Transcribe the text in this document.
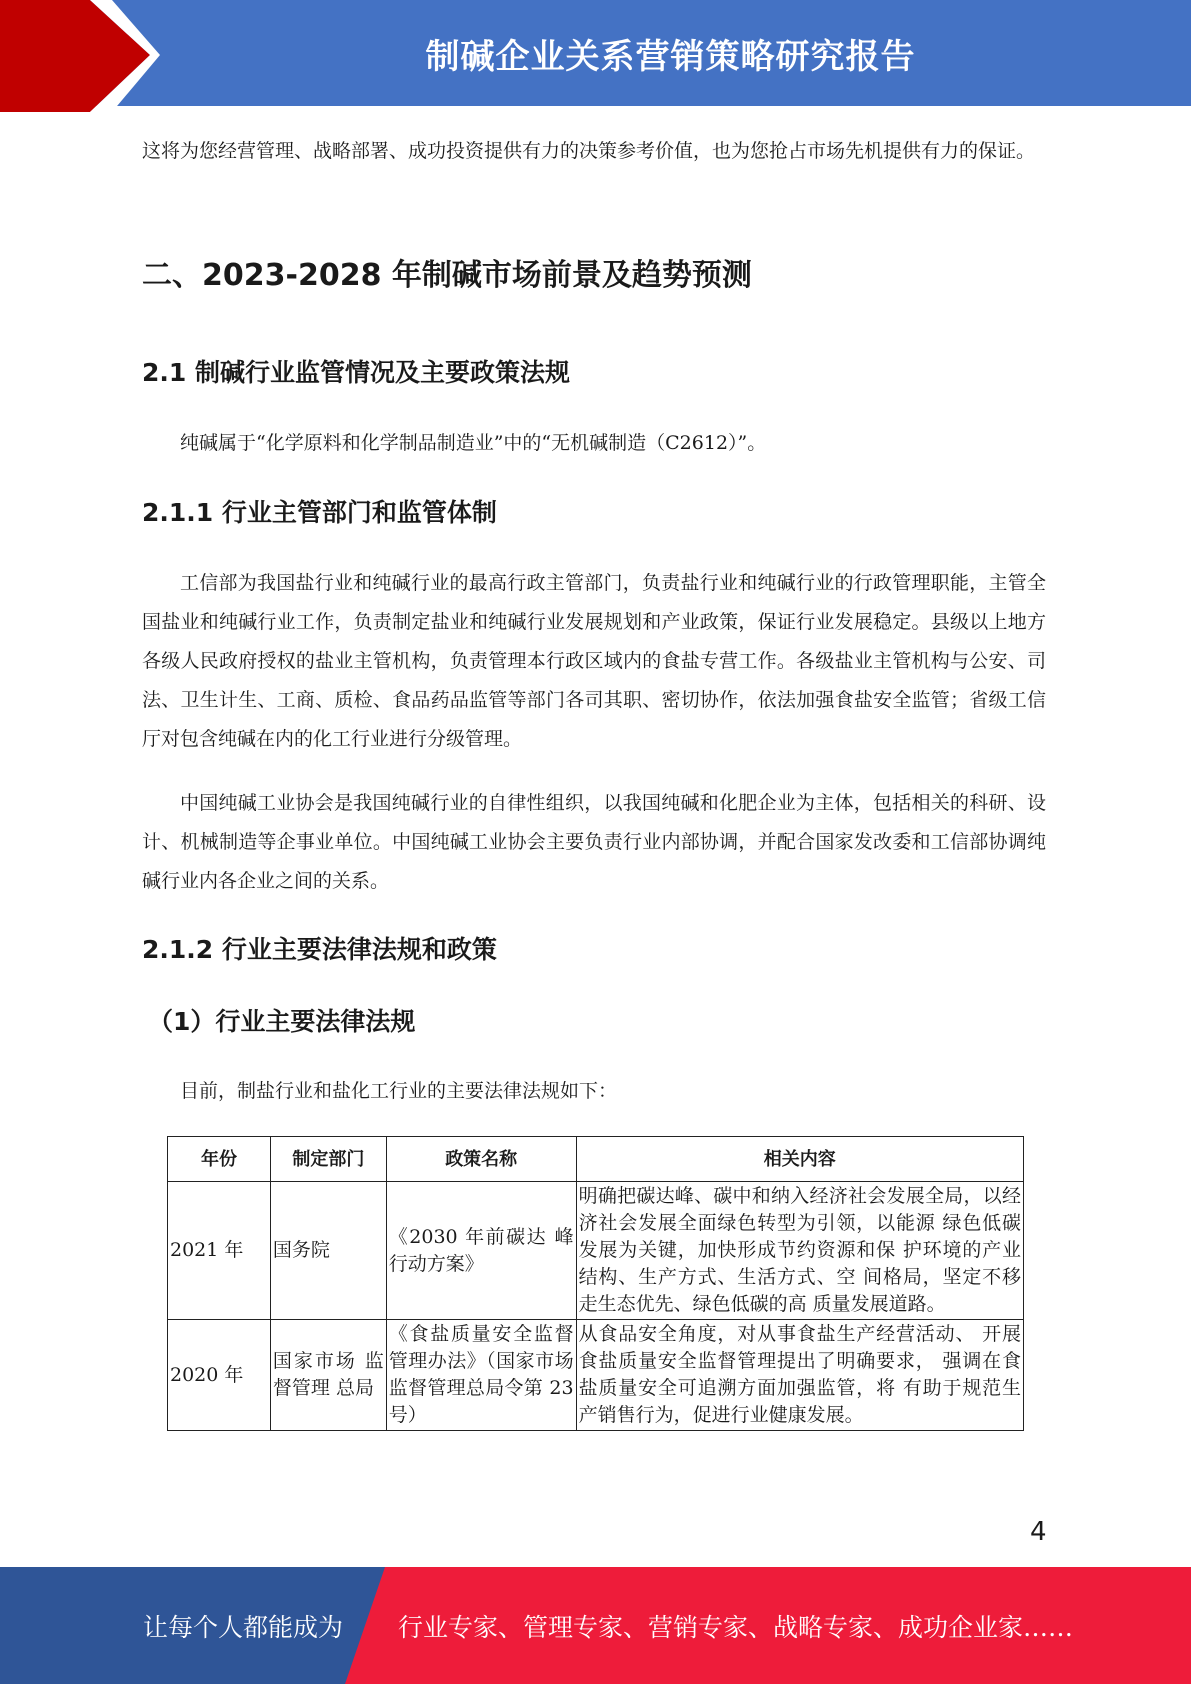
制碱企业关系营销策略研究报告

这将为您经营管理、战略部署、成功投资提供有力的决策参考价值，也为您抢占市场先机提供有力的保证。

二、2023-2028 年制碱市场前景及趋势预测
2.1 制碱行业监管情况及主要政策法规

纯碱属于“化学原料和化学制品制造业”中的“无机碱制造（C2612）”。

2.1.1 行业主管部门和监管体制

工信部为我国盐行业和纯碱行业的最高行政主管部门，负责盐行业和纯碱行业的行政管理职能，主管全国盐业和纯碱行业工作，负责制定盐业和纯碱行业发展规划和产业政策，保证行业发展稳定。县级以上地方各级人民政府授权的盐业主管机构，负责管理本行政区域内的食盐专营工作。各级盐业主管机构与公安、司法、卫生计生、工商、质检、食品药品监管等部门各司其职、密切协作，依法加强食盐安全监管；省级工信厅对包含纯碱在内的化工行业进行分级管理。

中国纯碱工业协会是我国纯碱行业的自律性组织，以我国纯碱和化肥企业为主体，包括相关的科研、设计、机械制造等企事业单位。中国纯碱工业协会主要负责行业内部协调，并配合国家发改委和工信部协调纯碱行业内各企业之间的关系。

2.1.2 行业主要法律法规和政策
（1）行业主要法律法规

目前，制盐行业和盐化工行业的主要法律法规如下：

年份	制定部门	政策名称	相关内容
2021 年	国务院	《2030 年前碳达 峰行动方案》	明确把碳达峰、碳中和纳入经济社会发展全局，以经济社会发展全面绿色转型为引领，以能源 绿色低碳发展为关键，加快形成节约资源和保 护环境的产业结构、生产方式、生活方式、空 间格局，坚定不移走生态优先、绿色低碳的高 质量发展道路。
2020 年	国家市场 监督管理 总局	《食盐质量安全监督管理办法》（国家市场监督管理总局令第 23 号）	从食品安全角度，对从事食盐生产经营活动、 开展食盐质量安全监督管理提出了明确要求， 强调在食盐质量安全可追溯方面加强监管，将 有助于规范生产销售行为，促进行业健康发展。
4
让每个人都能成为 行业专家、管理专家、营销专家、战略专家、成功企业家……
